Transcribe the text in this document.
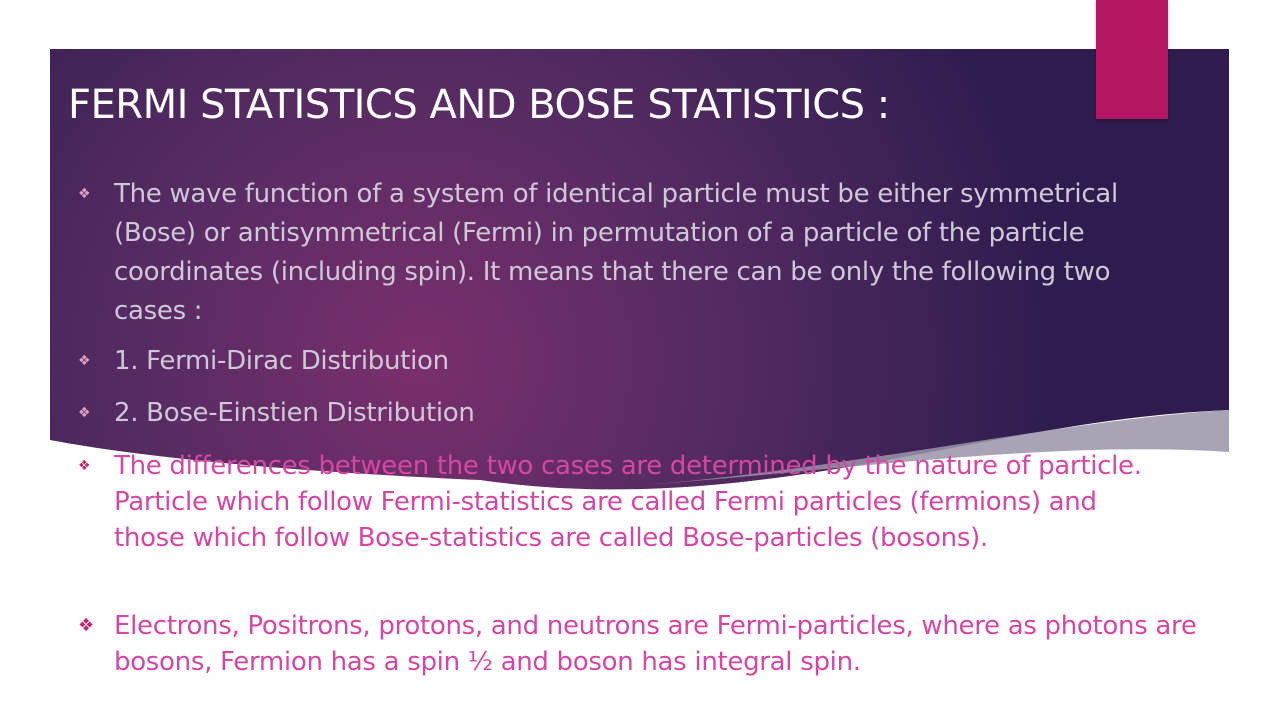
FERMI STATISTICS AND BOSE STATISTICS :
❖ The wave function of a system of identical particle must be either symmetrical (Bose) or antisymmetrical (Fermi) in permutation of a particle of the particle coordinates (including spin). It means that there can be only the following two cases :

❖ 1. Fermi-Dirac Distribution

❖ 2. Bose-Einstien Distribution

❖ The differences between the two cases are determined by the nature of particle. Particle which follow Fermi-statistics are called Fermi particles (fermions) and those which follow Bose-statistics are called Bose-particles (bosons).

❖ Electrons, Positrons, protons, and neutrons are Fermi-particles, where as photons are bosons, Fermion has a spin ½ and boson has integral spin.
